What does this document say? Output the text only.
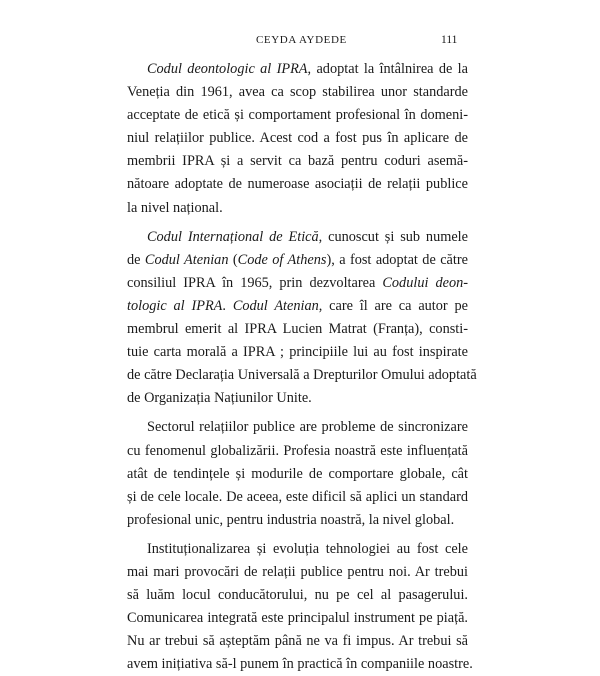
CEYDA AYDEDE	111

Codul deontologic al IPRA, adoptat la întâlnirea de la
Veneția din 1961, avea ca scop stabilirea unor standarde
acceptate de etică și comportament profesional în domeni-
niul relațiilor publice. Acest cod a fost pus în aplicare de
membrii IPRA și a servit ca bază pentru coduri asemă-
nătoare adoptate de numeroase asociații de relații publice
la nivel național.

Codul Internațional de Etică, cunoscut și sub numele
de Codul Atenian (Code of Athens), a fost adoptat de către
consiliul IPRA în 1965, prin dezvoltarea Codului deon-
tologic al IPRA. Codul Atenian, care îl are ca autor pe
membrul emerit al IPRA Lucien Matrat (Franța), consti-
tuie carta morală a IPRA ; principiile lui au fost inspirate
de către Declarația Universală a Drepturilor Omului adoptată
de Organizația Națiunilor Unite.

Sectorul relațiilor publice are probleme de sincronizare
cu fenomenul globalizării. Profesia noastră este influențată
atât de tendințele și modurile de comportare globale, cât
și de cele locale. De aceea, este dificil să aplici un standard
profesional unic, pentru industria noastră, la nivel global.

Instituționalizarea și evoluția tehnologiei au fost cele
mai mari provocări de relații publice pentru noi. Ar trebui
să luăm locul conducătorului, nu pe cel al pasagerului.
Comunicarea integrată este principalul instrument pe piață.
Nu ar trebui să așteptăm până ne va fi impus. Ar trebui să
avem inițiativa să-l punem în practică în companiile noastre.
